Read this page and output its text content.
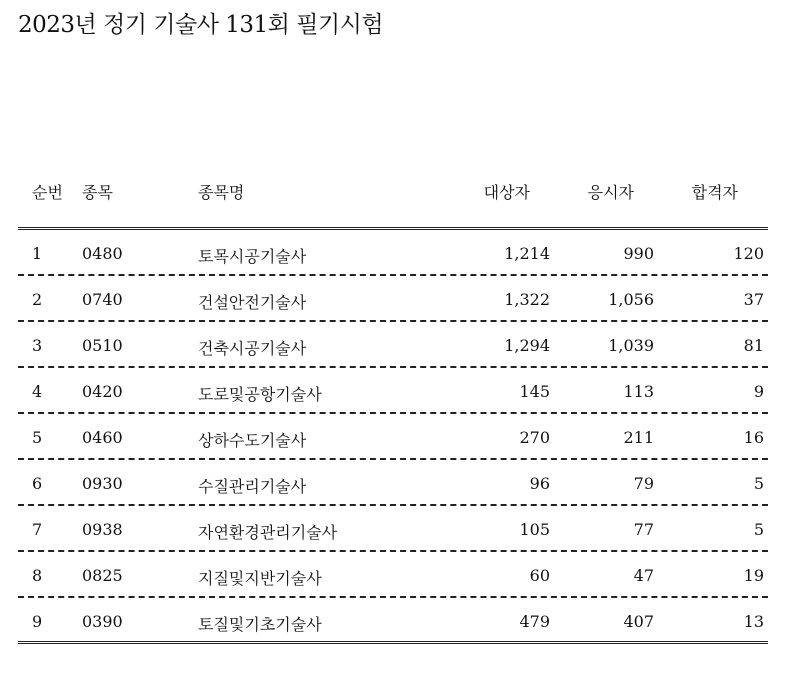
2023년 정기 기술사 131회 필기시험
순번 종목	종목명	대상자	응시자	합격자
1 0480	토목시공기술사	1,214	990	120
2 0740	건설안전기술사	1,322	1,056	37
3 0510	건축시공기술사	1,294	1,039	81
4 0420	도로및공항기술사	145	113	9
5 0460	상하수도기술사	270	211	16
6 0930	수질관리기술사	96	79	5
7 0938	자연환경관리기술사	105	77	5
8 0825	지질및지반기술사	60	47	19
9 0390	토질및기초기술사	479	407	13
